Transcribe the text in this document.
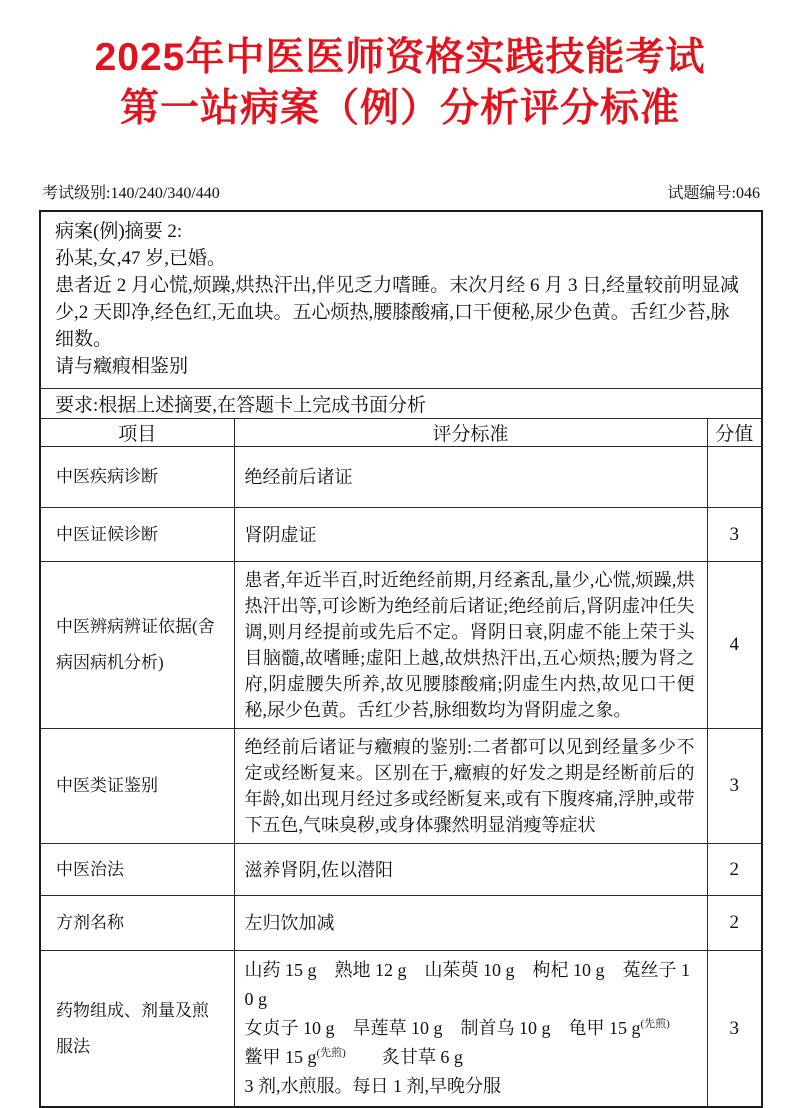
2025年中医医师资格实践技能考试
第一站病案（例）分析评分标准
考试级别:140/240/340/440	试题编号:046
病案(例)摘要 2:
孙某,女,47 岁,已婚。
患者近 2 月心慌,烦躁,烘热汗出,伴见乏力嗜睡。末次月经 6 月 3 日,经量较前明显减少,2 天即净,经色红,无血块。五心烦热,腰膝酸痛,口干便秘,尿少色黄。舌红少苔,脉细数。
请与癥瘕相鉴别		

要求:根据上述摘要,在答题卡上完成书面分析		
项目	评分标准	分值
中医疾病诊断	绝经前后诸证	
中医证候诊断	肾阴虚证	3
中医辨病辨证依据(舍病因病机分析)	患者,年近半百,时近绝经前期,月经紊乱,量少,心慌,烦躁,烘热汗出等,可诊断为绝经前后诸证;绝经前后,肾阴虚冲任失调,则月经提前或先后不定。肾阴日衰,阴虚不能上荣于头目脑髓,故嗜睡;虚阳上越,故烘热汗出,五心烦热;腰为肾之府,阴虚腰失所养,故见腰膝酸痛;阴虚生内热,故见口干便秘,尿少色黄。舌红少苔,脉细数均为肾阴虚之象。	4
中医类证鉴别	绝经前后诸证与癥瘕的鉴别:二者都可以见到经量多少不定或经断复来。区别在于,癥瘕的好发之期是经断前后的年龄,如出现月经过多或经断复来,或有下腹疼痛,浮肿,或带下五色,气味臭秽,或身体骤然明显消瘦等症状	3
中医治法	滋养肾阴,佐以潜阳	2
方剂名称	左归饮加减	2
药物组成、剂量及煎服法	山药 15 g　熟地 12 g　山茱萸 10 g　枸杞 10 g　菟丝子 10 g
女贞子 10 g　旱莲草 10 g　制首乌 10 g　龟甲 15 $g^{(先煎)}$
鳖甲 15 $g^{(先煎)}$　　炙甘草 6 g
3 剂,水煎服。每日 1 剂,早晚分服	3
